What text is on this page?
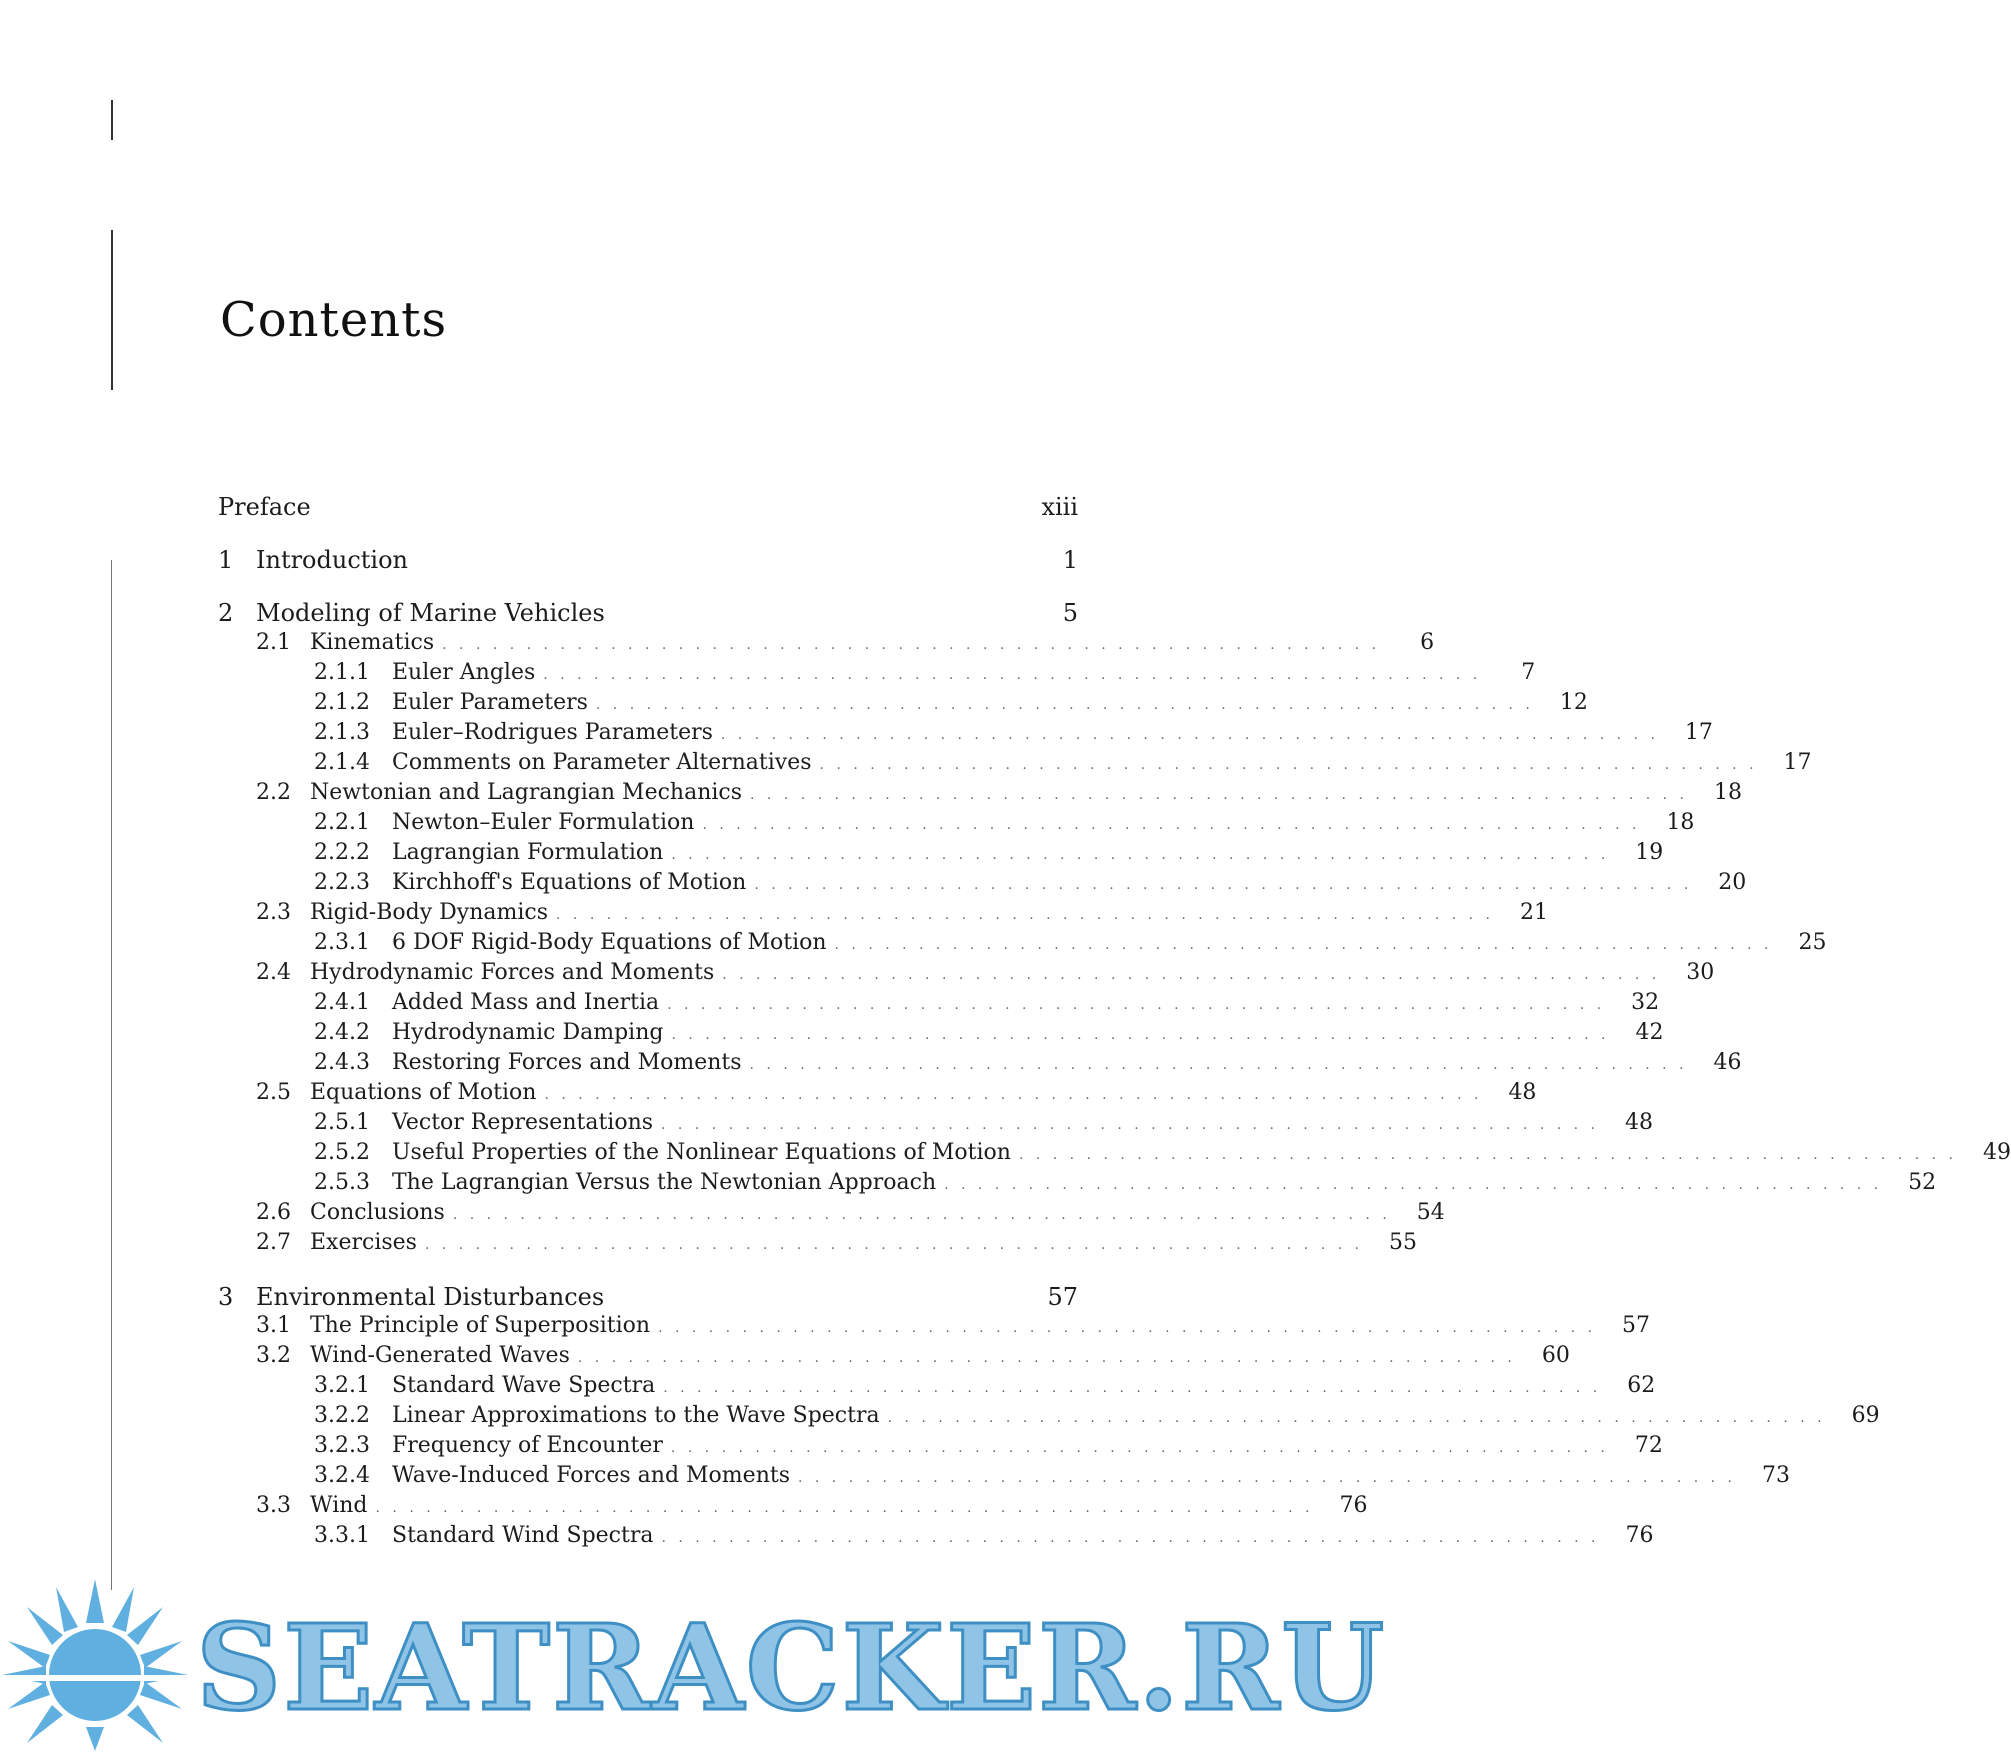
Contents
Preface	xiii
1 Introduction	1
2 Modeling of Marine Vehicles	5
2.1 Kinematics . . .	6
2.1.1	Euler Angles . . .	7
2.1.2	Euler Parameters . . .	12
2.1.3	Euler–Rodrigues Parameters . . .	17
2.1.4	Comments on Parameter Alternatives . . .	17
2.2 Newtonian and Lagrangian Mechanics . . .	18
2.2.1	Newton–Euler Formulation . . .	18
2.2.2	Lagrangian Formulation . . .	19
2.2.3	Kirchhoff's Equations of Motion . . .	20
2.3 Rigid-Body Dynamics . . .	21
2.3.1	6 DOF Rigid-Body Equations of Motion . . .	25
2.4 Hydrodynamic Forces and Moments . . .	30
2.4.1	Added Mass and Inertia . . .	32
2.4.2	Hydrodynamic Damping . . .	42
2.4.3	Restoring Forces and Moments . . .	46
2.5 Equations of Motion . . .	48
2.5.1	Vector Representations . . .	48
2.5.2	Useful Properties of the Nonlinear Equations of Motion . . .	49
2.5.3	The Lagrangian Versus the Newtonian Approach . . .	52
2.6 Conclusions . . .	54
2.7 Exercises . . .	55
3 Environmental Disturbances	57
3.1 The Principle of Superposition . . .	57
3.2 Wind-Generated Waves . . .	60
3.2.1	Standard Wave Spectra . . .	62
3.2.2	Linear Approximations to the Wave Spectra . . .	69
3.2.3	Frequency of Encounter . . .	72
3.2.4	Wave-Induced Forces and Moments . . .	73
3.3 Wind . . .	76
3.3.1	Standard Wind Spectra . . .	76
SEATRACKER.RU
